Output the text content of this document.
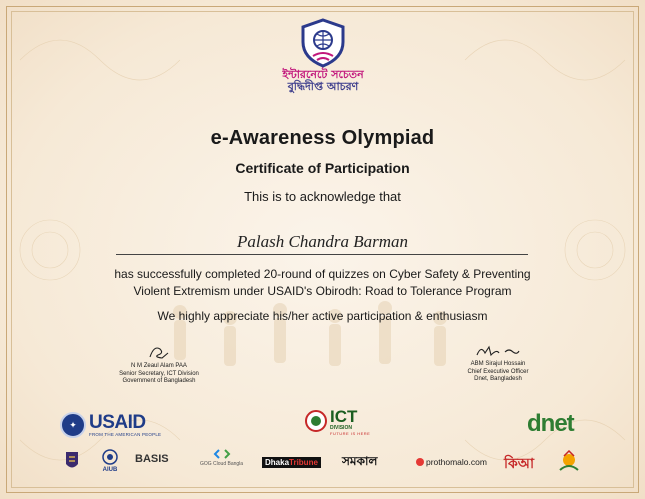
ইন্টারনেটে সচেতন
বুদ্ধিদীপ্ত আচরণ
e-Awareness Olympiad
Certificate of Participation
This is to acknowledge that
Palash Chandra Barman
has successfully completed 20-round of quizzes on Cyber Safety & Preventing
Violent Extremism under USAID's Obirodh: Road to Tolerance Program
We highly appreciate his/her active participation & enthusiasm
N M Zeaul Alam PAA
Senior Secretary, ICT Division
Government of Bangladesh
ABM Sirajul Hossain
Chief Executive Officer
Dnet, Bangladesh
✦ USAID
FROM THE AMERICAN PEOPLE
ICT
DIVISION
FUTURE IS HERE	dnet
AIUB
BASIS	GOG Cloud Bangla	DhakaTribune সমকাল	prothomalo.com কিআ
